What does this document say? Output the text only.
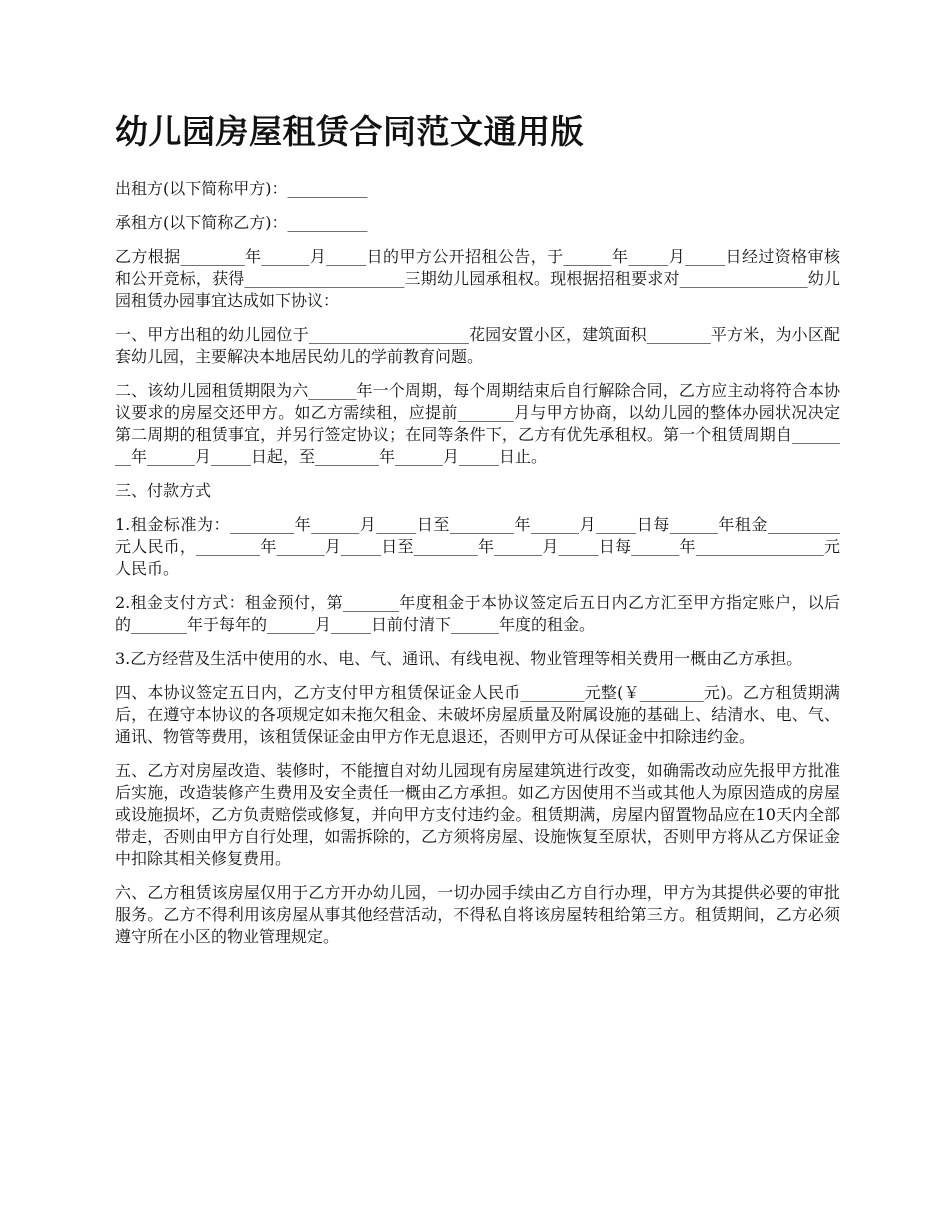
幼儿园房屋租赁合同范文通用版

出租方(以下简称甲方)：__________

承租方(以下简称乙方)：__________

乙方根据________年______月_____日的甲方公开招租公告，于______年_____月_____日经过资格审核和公开竞标，获得____________________三期幼儿园承租权。现根据招租要求对________________幼儿园租赁办园事宜达成如下协议：

一、甲方出租的幼儿园位于____________________花园安置小区，建筑面积________平方米，为小区配套幼儿园，主要解决本地居民幼儿的学前教育问题。

二、该幼儿园租赁期限为六______年一个周期，每个周期结束后自行解除合同，乙方应主动将符合本协议要求的房屋交还甲方。如乙方需续租，应提前_______月与甲方协商，以幼儿园的整体办园状况决定第二周期的租赁事宜，并另行签定协议；在同等条件下，乙方有优先承租权。第一个租赁周期自________年______月_____日起，至________年______月_____日止。

三、付款方式

1.租金标准为：________年______月_____日至________年______月_____日每______年租金_________元人民币，________年______月_____日至________年______月_____日每______年________________元人民币。

2.租金支付方式：租金预付，第_______年度租金于本协议签定后五日内乙方汇至甲方指定账户，以后的_______年于每年的______月_____日前付清下______年度的租金。

3.乙方经营及生活中使用的水、电、气、通讯、有线电视、物业管理等相关费用一概由乙方承担。

四、本协议签定五日内，乙方支付甲方租赁保证金人民币________元整(￥________元)。乙方租赁期满后，在遵守本协议的各项规定如未拖欠租金、未破坏房屋质量及附属设施的基础上、结清水、电、气、通讯、物管等费用，该租赁保证金由甲方作无息退还，否则甲方可从保证金中扣除违约金。

五、乙方对房屋改造、装修时，不能擅自对幼儿园现有房屋建筑进行改变，如确需改动应先报甲方批准后实施，改造装修产生费用及安全责任一概由乙方承担。如乙方因使用不当或其他人为原因造成的房屋或设施损坏，乙方负责赔偿或修复，并向甲方支付违约金。租赁期满，房屋内留置物品应在10天内全部带走，否则由甲方自行处理，如需拆除的，乙方须将房屋、设施恢复至原状，否则甲方将从乙方保证金中扣除其相关修复费用。

六、乙方租赁该房屋仅用于乙方开办幼儿园，一切办园手续由乙方自行办理，甲方为其提供必要的审批服务。乙方不得利用该房屋从事其他经营活动，不得私自将该房屋转租给第三方。租赁期间，乙方必须遵守所在小区的物业管理规定。
